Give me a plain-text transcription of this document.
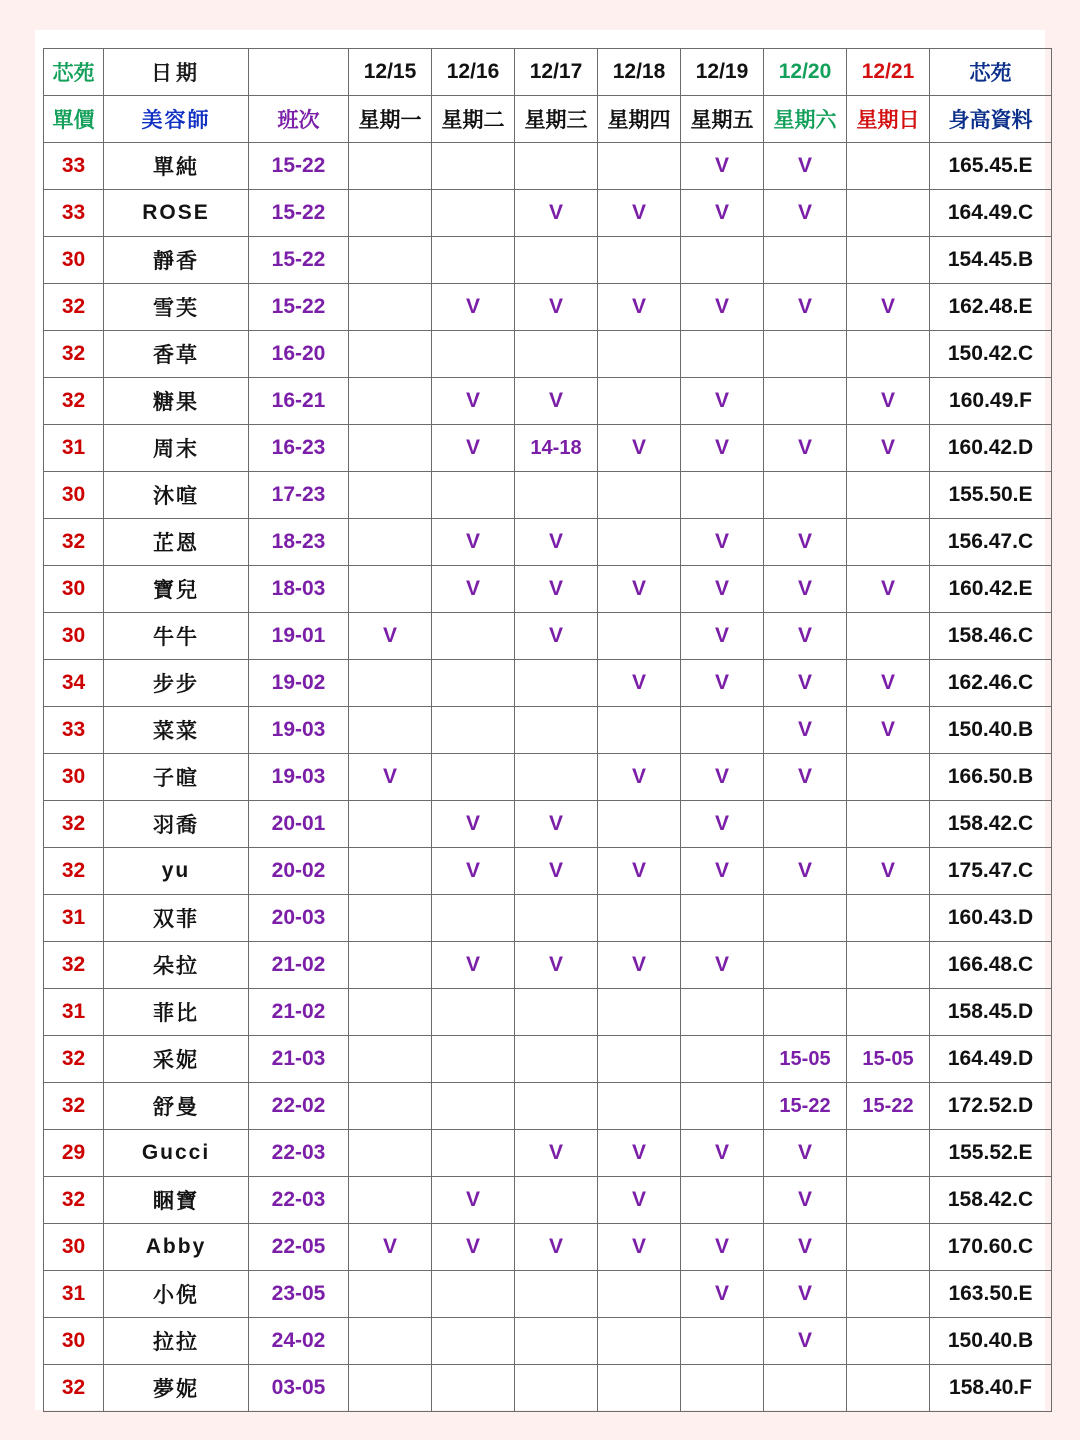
芯苑	日期		12/15	12/16	12/17	12/18	12/19	12/20	12/21	芯苑
單價	美容師	班次	星期一	星期二	星期三	星期四	星期五	星期六	星期日	身高資料
33	單純	15-22					V	V		165.45.E
33	ROSE	15-22			V	V	V	V		164.49.C
30	靜香	15-22								154.45.B
32	雪芙	15-22		V	V	V	V	V	V	162.48.E
32	香草	16-20								150.42.C
32	糖果	16-21		V	V		V		V	160.49.F
31	周末	16-23		V	14-18	V	V	V	V	160.42.D
30	沐喧	17-23								155.50.E
32	芷恩	18-23		V	V		V	V		156.47.C
30	寶兒	18-03		V	V	V	V	V	V	160.42.E
30	牛牛	19-01	V		V		V	V		158.46.C
34	步步	19-02				V	V	V	V	162.46.C
33	菜菜	19-03						V	V	150.40.B
30	子暄	19-03	V			V	V	V		166.50.B
32	羽喬	20-01		V	V		V			158.42.C
32	yu	20-02		V	V	V	V	V	V	175.47.C
31	双菲	20-03								160.43.D
32	朵拉	21-02		V	V	V	V			166.48.C
31	菲比	21-02								158.45.D
32	采妮	21-03						15-05	15-05	164.49.D
32	舒曼	22-02						15-22	15-22	172.52.D
29	Gucci	22-03			V	V	V	V		155.52.E
32	睏寶	22-03		V		V		V		158.42.C
30	Abby	22-05	V	V	V	V	V	V		170.60.C
31	小倪	23-05					V	V		163.50.E
30	拉拉	24-02						V		150.40.B
32	夢妮	03-05								158.40.F
